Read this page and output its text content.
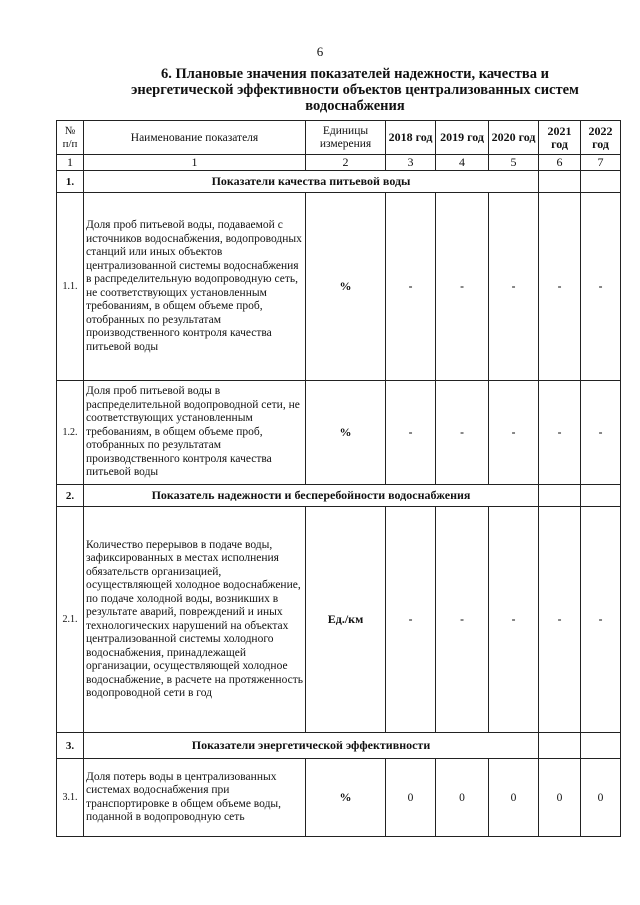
6
6. Плановые значения показателей надежности, качества и
энергетической эффективности объектов централизованных систем
водоснабжения
№ п/п	Наименование показателя	Единицы измерения	2018 год	2019 год	2020 год	2021 год	2022 год
1	1	2	3	4	5	6	7
1.	Показатели качества питьевой воды						
1.1.	Доля проб питьевой воды, подаваемой с источников водоснабжения, водопроводных станций или иных объектов централизованной системы водоснабжения в распределительную водопроводную сеть, не соответствующих установленным требованиям, в общем объеме проб, отобранных по результатам производственного контроля качества питьевой воды	%	-	-	-	-	-
1.2.	Доля проб питьевой воды в распределительной водопроводной сети, не соответствующих установленным требованиям, в общем объеме проб, отобранных по результатам производственного контроля качества питьевой воды	%	-	-	-	-	-
2.	Показатель надежности и бесперебойности водоснабжения						
2.1.	Количество перерывов в подаче воды, зафиксированных в местах исполнения обязательств организацией, осуществляющей холодное водоснабжение, по подаче холодной воды, возникших в результате аварий, повреждений и иных технологических нарушений на объектах централизованной системы холодного водоснабжения, принадлежащей организации, осуществляющей холодное водоснабжение, в расчете на протяженность водопроводной сети в год	Ед./км	-	-	-	-	-
3.	Показатели энергетической эффективности						
3.1.	Доля потерь воды в централизованных системах водоснабжения при транспортировке в общем объеме воды, поданной в водопроводную сеть	%	0	0	0	0	0
